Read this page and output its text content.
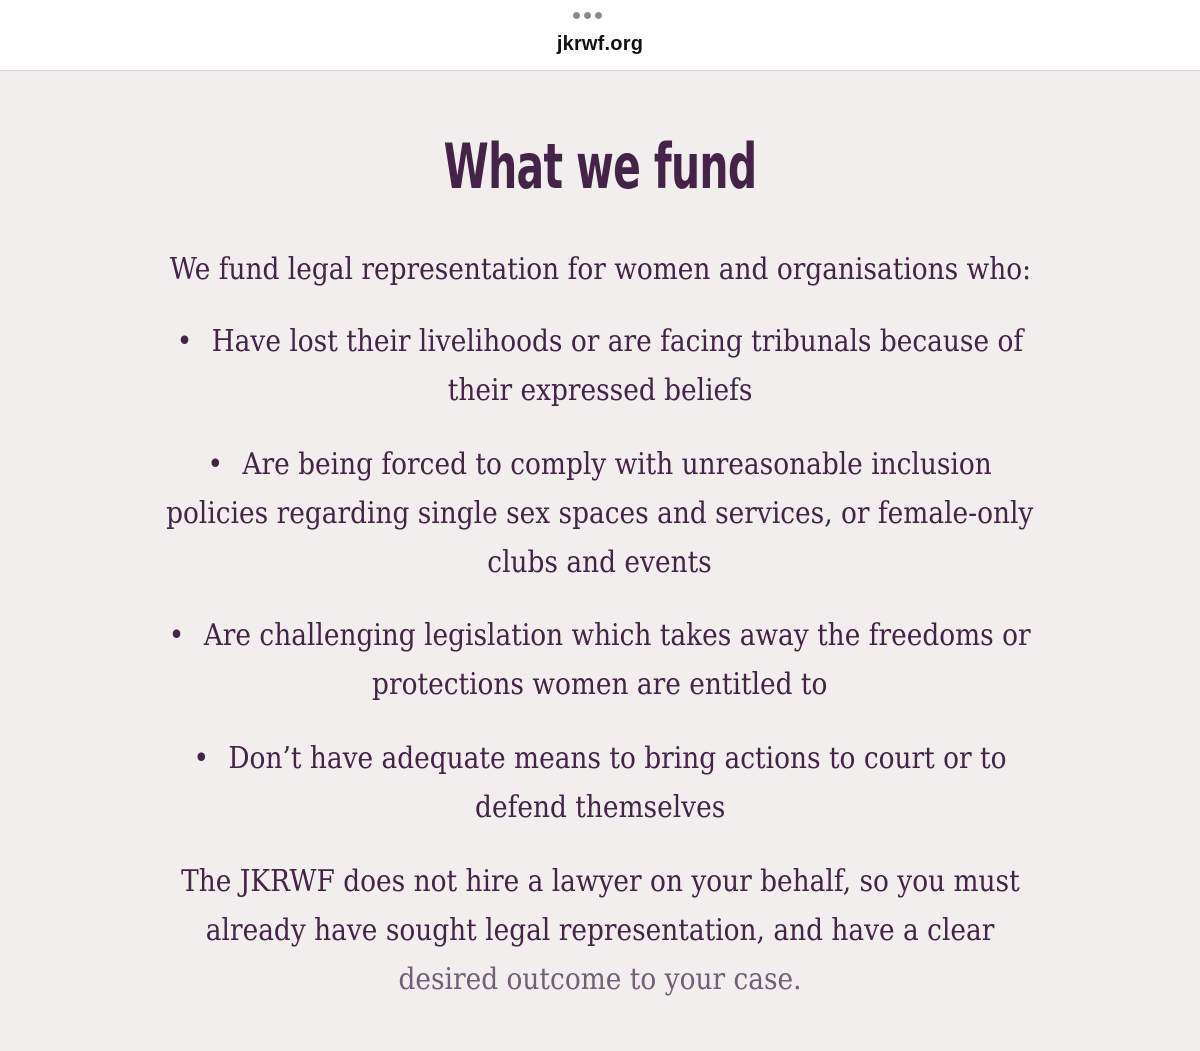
jkrwf.org
What we fund
We fund legal representation for women and organisations who:
• Have lost their livelihoods or are facing tribunals because of
their expressed beliefs
• Are being forced to comply with unreasonable inclusion
policies regarding single sex spaces and services, or female-only
clubs and events
• Are challenging legislation which takes away the freedoms or
protections women are entitled to
• Don’t have adequate means to bring actions to court or to
defend themselves
The JKRWF does not hire a lawyer on your behalf, so you must
already have sought legal representation, and have a clear
desired outcome to your case.
